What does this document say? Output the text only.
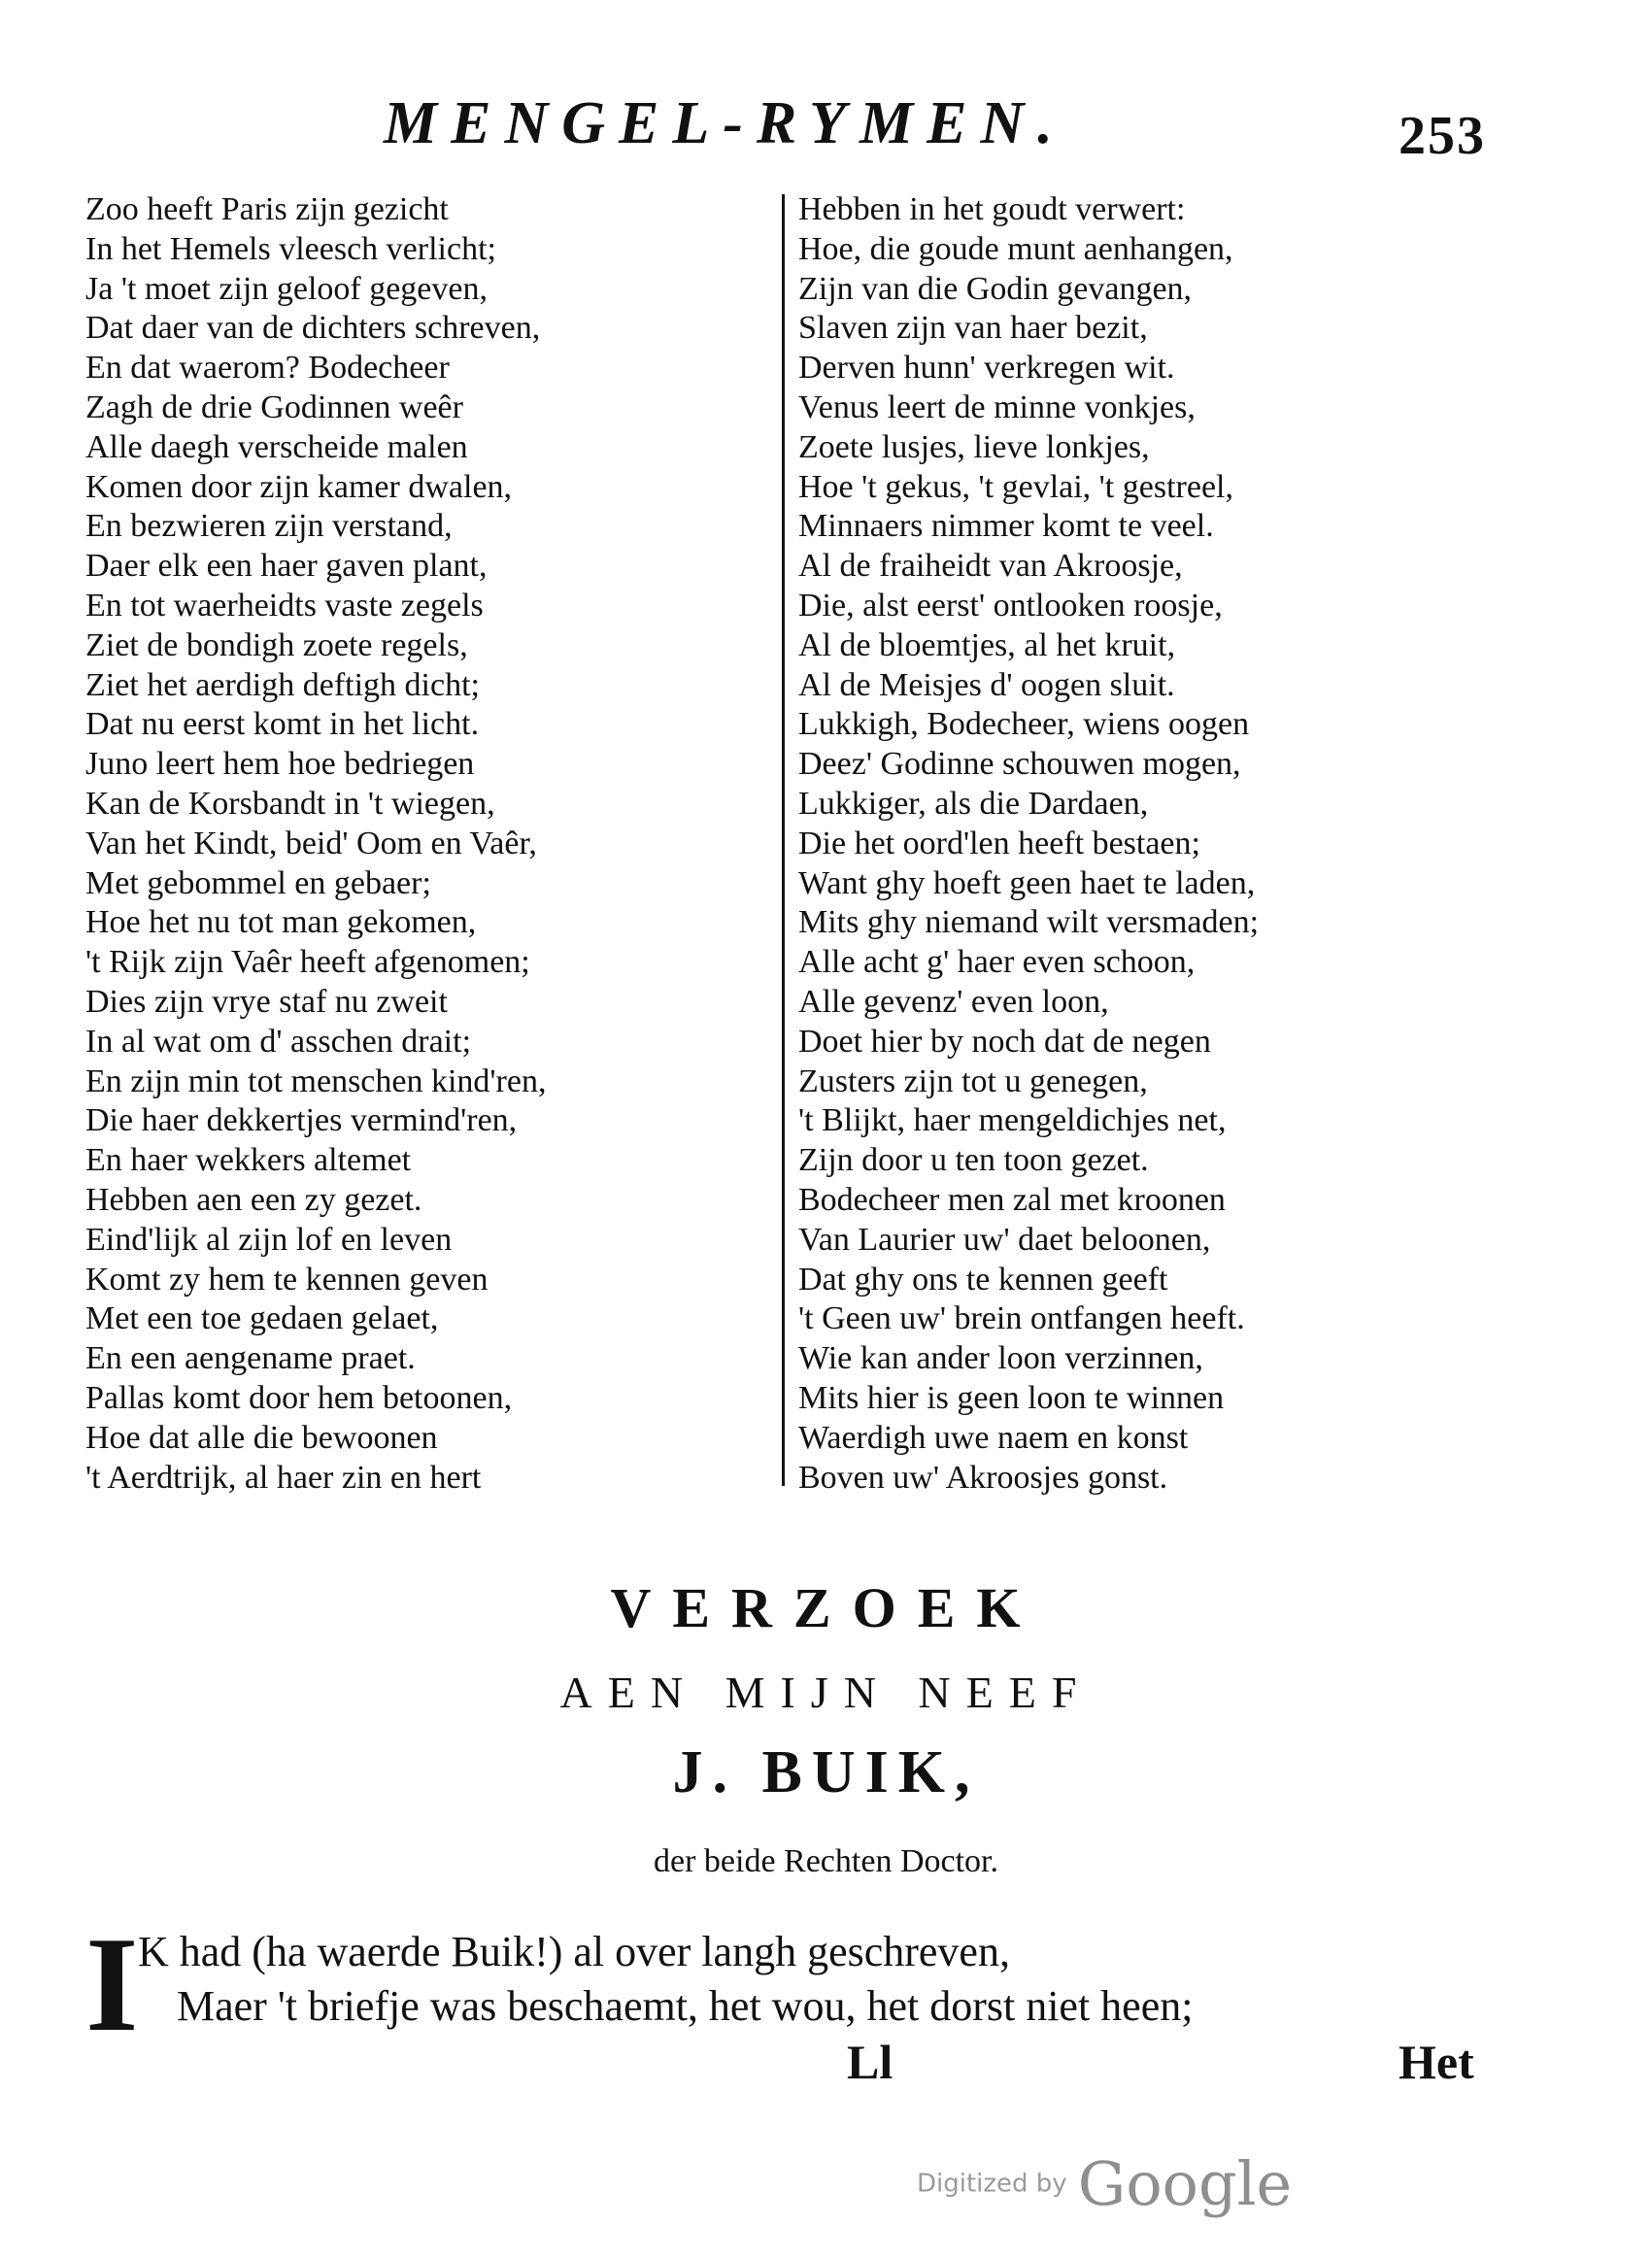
MENGEL-RYMEN.	253
Zoo heeft Paris zijn gezicht
In het Hemels vleesch verlicht;
Ja 't moet zijn geloof gegeven,
Dat daer van de dichters schreven,
En dat waerom? Bodecheer
Zagh de drie Godinnen weêr
Alle daegh verscheide malen
Komen door zijn kamer dwalen,
En bezwieren zijn verstand,
Daer elk een haer gaven plant,
En tot waerheidts vaste zegels
Ziet de bondigh zoete regels,
Ziet het aerdigh deftigh dicht;
Dat nu eerst komt in het licht.
Juno leert hem hoe bedriegen
Kan de Korsbandt in 't wiegen,
Van het Kindt, beid' Oom en Vaêr,
Met gebommel en gebaer;
Hoe het nu tot man gekomen,
't Rijk zijn Vaêr heeft afgenomen;
Dies zijn vrye staf nu zweit
In al wat om d' asschen drait;
En zijn min tot menschen kind'ren,
Die haer dekkertjes vermind'ren,
En haer wekkers altemet
Hebben aen een zy gezet.
Eind'lijk al zijn lof en leven
Komt zy hem te kennen geven
Met een toe gedaen gelaet,
En een aengename praet.
Pallas komt door hem betoonen,
Hoe dat alle die bewoonen
't Aerdtrijk, al haer zin en hert
Hebben in het goudt verwert:
Hoe, die goude munt aenhangen,
Zijn van die Godin gevangen,
Slaven zijn van haer bezit,
Derven hunn' verkregen wit.
Venus leert de minne vonkjes,
Zoete lusjes, lieve lonkjes,
Hoe 't gekus, 't gevlai, 't gestreel,
Minnaers nimmer komt te veel.
Al de fraiheidt van Akroosje,
Die, alst eerst' ontlooken roosje,
Al de bloemtjes, al het kruit,
Al de Meisjes d' oogen sluit.
Lukkigh, Bodecheer, wiens oogen
Deez' Godinne schouwen mogen,
Lukkiger, als die Dardaen,
Die het oord'len heeft bestaen;
Want ghy hoeft geen haet te laden,
Mits ghy niemand wilt versmaden;
Alle acht g' haer even schoon,
Alle gevenz' even loon,
Doet hier by noch dat de negen
Zusters zijn tot u genegen,
't Blijkt, haer mengeldichjes net,
Zijn door u ten toon gezet.
Bodecheer men zal met kroonen
Van Laurier uw' daet beloonen,
Dat ghy ons te kennen geeft
't Geen uw' brein ontfangen heeft.
Wie kan ander loon verzinnen,
Mits hier is geen loon te winnen
Waerdigh uwe naem en konst
Boven uw' Akroosjes gonst.
VERZOEK
AEN MIJN NEEF
J. BUIK,
der beide Rechten Doctor.
I K had (ha waerde Buik!) al over langh geschreven,
Maer 't briefje was beschaemt, het wou, het dorst niet heen;
Ll	Het
Digitized by Google
